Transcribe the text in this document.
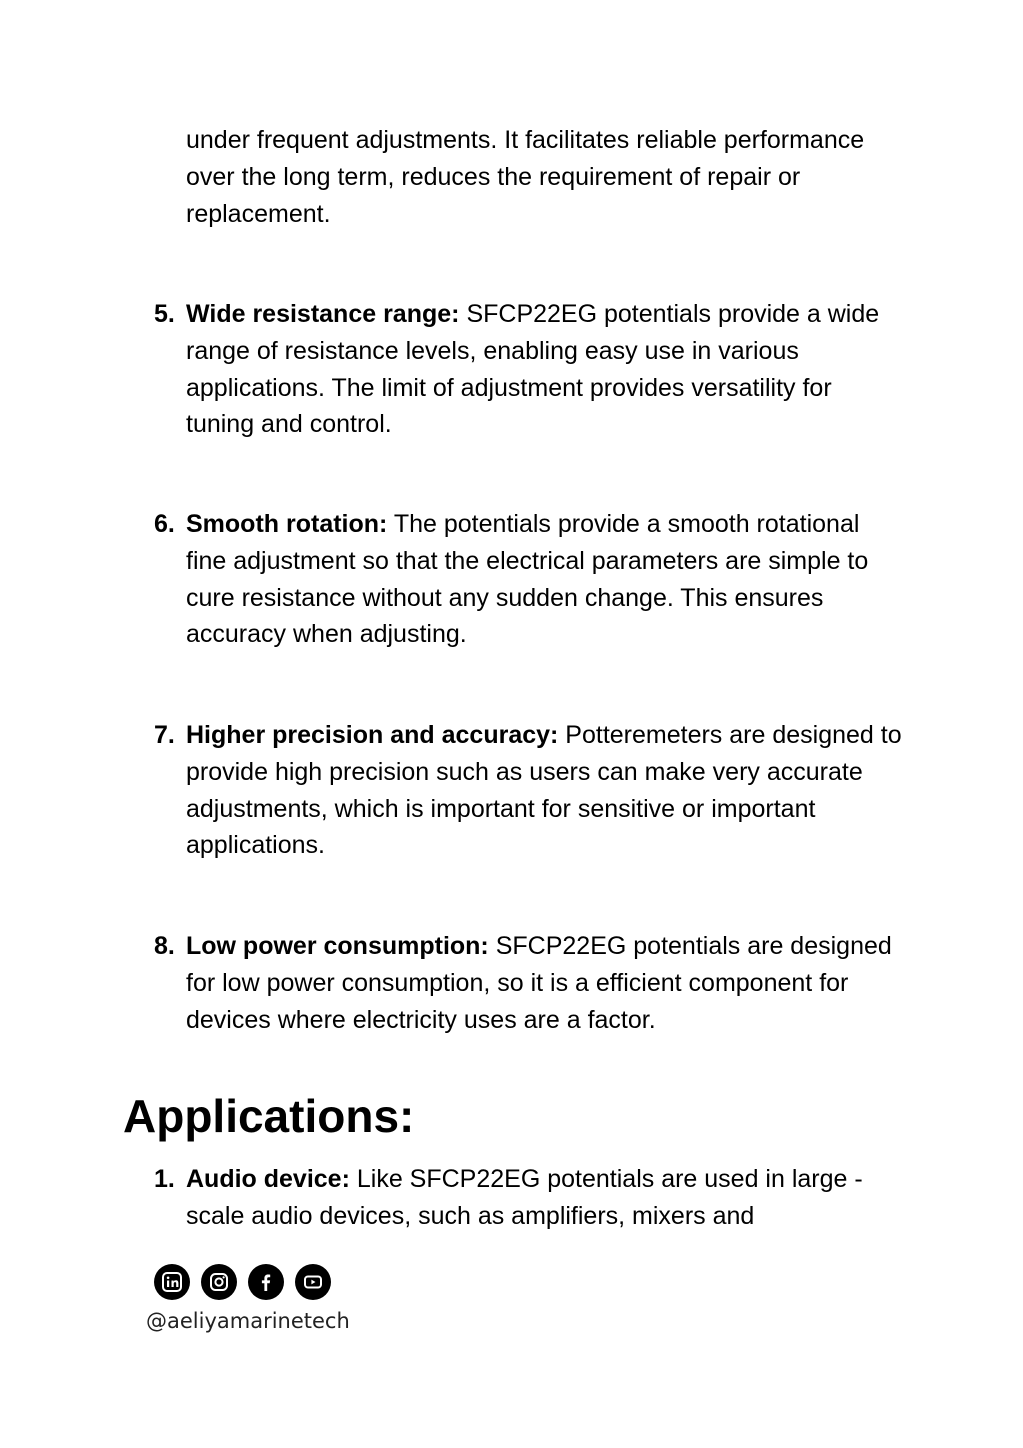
under frequent adjustments. It facilitates reliable performance over the long term, reduces the requirement of repair or replacement.

5. Wide resistance range: SFCP22EG potentials provide a wide range of resistance levels, enabling easy use in various applications. The limit of adjustment provides versatility for tuning and control.
6. Smooth rotation: The potentials provide a smooth rotational fine adjustment so that the electrical parameters are simple to cure resistance without any sudden change. This ensures accuracy when adjusting.
7. Higher precision and accuracy: Potteremeters are designed to provide high precision such as users can make very accurate adjustments, which is important for sensitive or important applications.
8. Low power consumption: SFCP22EG potentials are designed for low power consumption, so it is a efficient component for devices where electricity uses are a factor.
Applications:
1. Audio device: Like SFCP22EG potentials are used in large -scale audio devices, such as amplifiers, mixers and
@aeliyamarinetech
